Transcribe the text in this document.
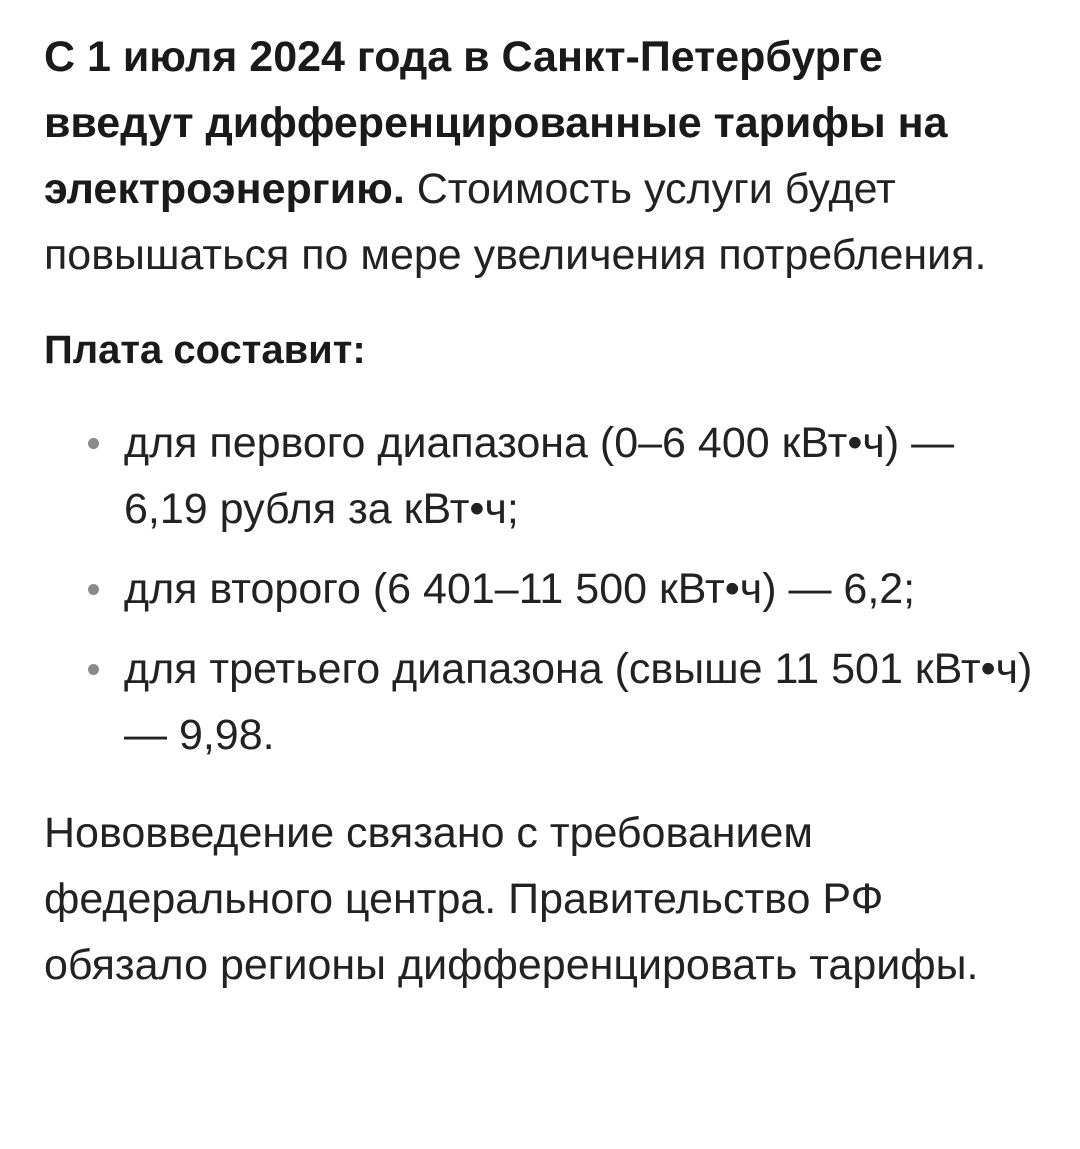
С 1 июля 2024 года в Санкт-Петербурге введут дифференцированные тарифы на электроэнергию. Стоимость услуги будет повышаться по мере увеличения потребления.

Плата составит:

для первого диапазона (0–6 400 кВт•ч) — 6,19 рубля за кВт•ч;
для второго (6 401–11 500 кВт•ч) — 6,2;
для третьего диапазона (свыше 11 501 кВт•ч) — 9,98.

Нововведение связано с требованием федерального центра. Правительство РФ обязало регионы дифференцировать тарифы.
